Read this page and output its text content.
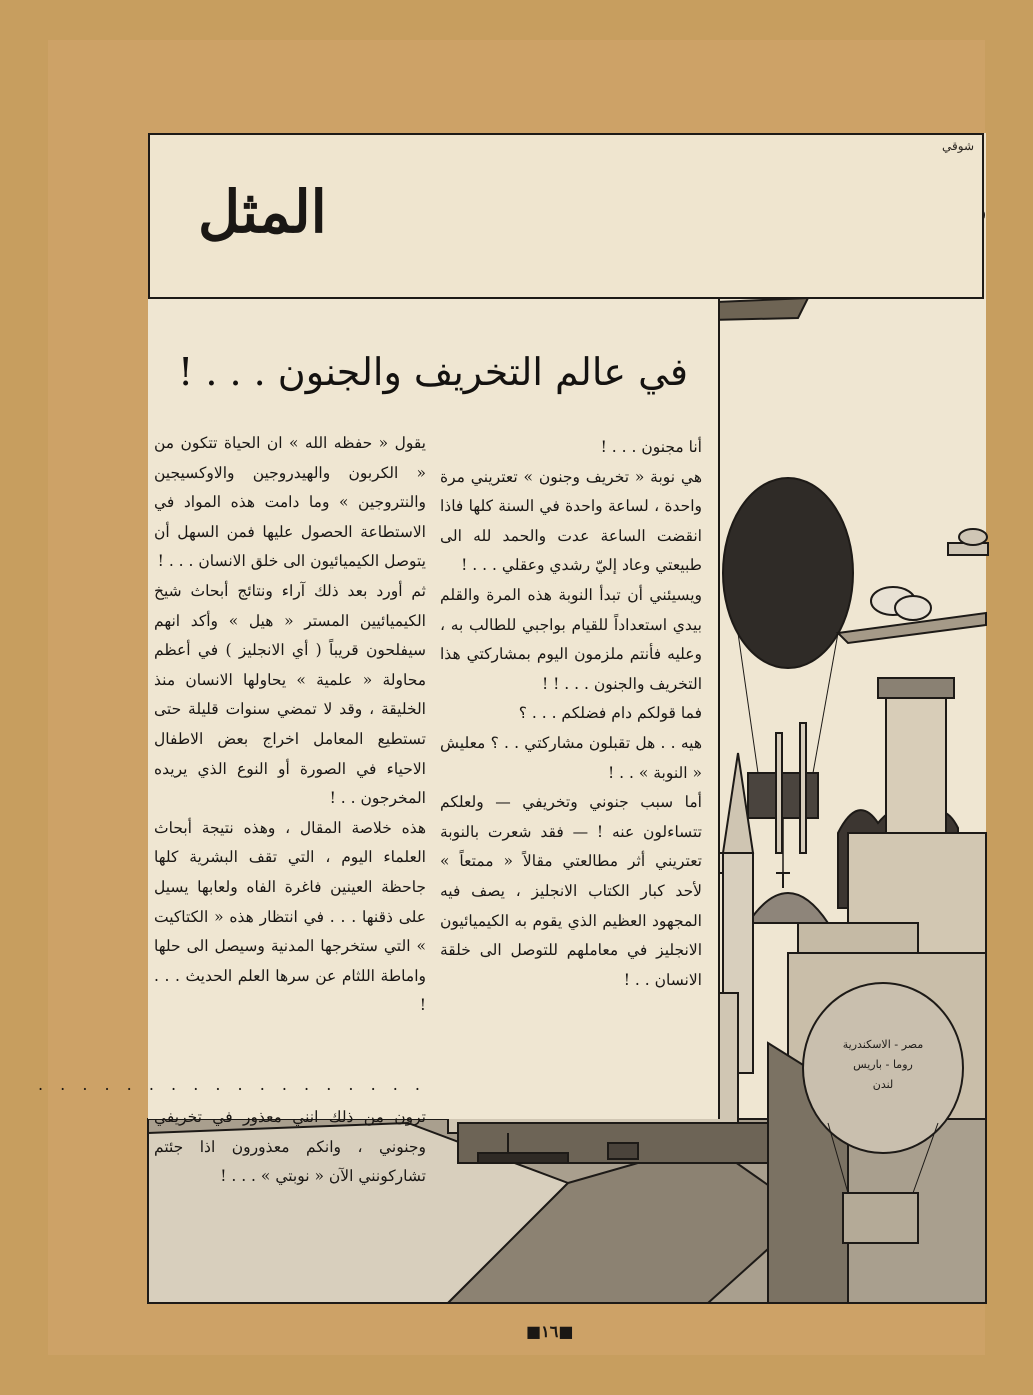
مصر - الاسكندرية
روما - باريس
لندن
المثل
شوقي
في عالم التخريف والجنون . . . !

أنا مجنون . . . !

هي نوبة « تخريف وجنون » تعتريني مرة واحدة ، لساعة واحدة في السنة كلها فاذا انقضت الساعة عدت والحمد لله الى طبيعتي وعاد إليّ رشدي وعقلي . . . !

ويسيئني أن تبدأ النوبة هذه المرة والقلم بيدي استعداداً للقيام بواجبي للطالب به ، وعليه فأنتم ملزمون اليوم بمشاركتي هذا التخريف والجنون . . . ! !

فما قولكم دام فضلكم . . . ؟

هيه . . هل تقبلون مشاركتي . . ؟ معليش « النوبة » . . !

أما سبب جنوني وتخريفي — ولعلكم تتساءلون عنه ! — فقد شعرت بالنوبة تعتريني أثر مطالعتي مقالاً « ممتعاً » لأحد كبار الكتاب الانجليز ، يصف فيه المجهود العظيم الذي يقوم به الكيميائيون الانجليز في معاملهم للتوصل الى خلقة الانسان . . !

يقول « حفظه الله » ان الحياة تتكون من « الكربون والهيدروجين والاوكسيجين والنتروجين » وما دامت هذه المواد في الاستطاعة الحصول عليها فمن السهل أن يتوصل الكيميائيون الى خلق الانسان . . . !

ثم أورد بعد ذلك آراء ونتائج أبحاث شيخ الكيميائيين المستر « هيل » وأكد انهم سيفلحون قريباً ( أي الانجليز ) في أعظم محاولة « علمية » يحاولها الانسان منذ الخليقة ، وقد لا تمضي سنوات قليلة حتى تستطيع المعامل اخراج بعض الاطفال الاحياء في الصورة أو النوع الذي يريده المخرجون . . !

هذه خلاصة المقال ، وهذه نتيجة أبحاث العلماء اليوم ، التي تقف البشرية كلها جاحظة العينين فاغرة الفاه ولعابها يسيل على ذقنها . . . في انتظار هذه « الكتاكيت » التي ستخرجها المدنية وسيصل الى حلها واماطة اللثام عن سرها العلم الحديث . . . !

. . . . . . . . . . . . . . . . . .

ترون من ذلك انني معذور في تخريفي وجنوني ، وانكم معذورون اذا جئتم تشاركونني الآن « نوبتي » . . . !

■١٦■
